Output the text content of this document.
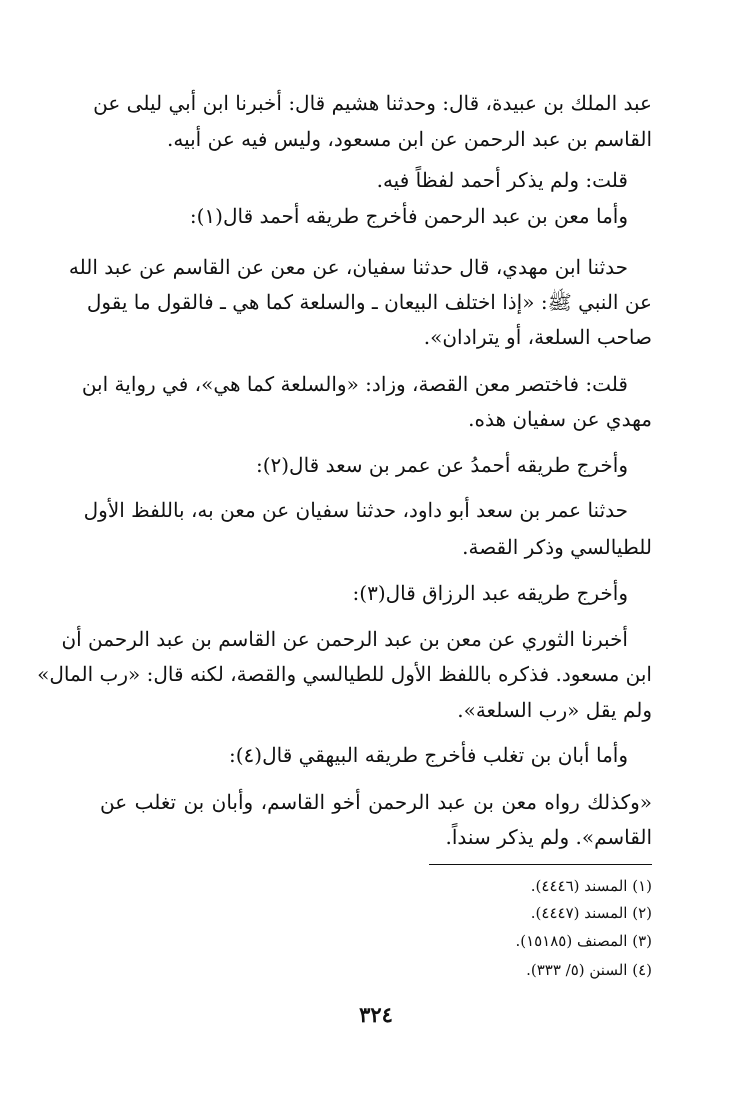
عبد الملك بن عبيدة، قال: وحدثنا هشيم قال: أخبرنا ابن أبي ليلى عن
القاسم بن عبد الرحمن عن ابن مسعود، وليس فيه عن أبيه.
قلت: ولم يذكر أحمد لفظاً فيه.
وأما معن بن عبد الرحمن فأخرج طريقه أحمد قال(١):
حدثنا ابن مهدي، قال حدثنا سفيان، عن معن عن القاسم عن عبد الله
عن النبي ﷺ: «إذا اختلف البيعان ـ والسلعة كما هي ـ فالقول ما يقول
صاحب السلعة، أو يترادان».
قلت: فاختصر معن القصة، وزاد: «والسلعة كما هي»، في رواية ابن
مهدي عن سفيان هذه.
وأخرج طريقه أحمدُ عن عمر بن سعد قال(٢):
حدثنا عمر بن سعد أبو داود، حدثنا سفيان عن معن به، باللفظ الأول
للطيالسي وذكر القصة.
وأخرج طريقه عبد الرزاق قال(٣):
أخبرنا الثوري عن معن بن عبد الرحمن عن القاسم بن عبد الرحمن أن
ابن مسعود. فذكره باللفظ الأول للطيالسي والقصة، لكنه قال: «رب المال»
ولم يقل «رب السلعة».
وأما أبان بن تغلب فأخرج طريقه البيهقي قال(٤):
«وكذلك رواه معن بن عبد الرحمن أخو القاسم، وأبان بن تغلب عن
القاسم». ولم يذكر سنداً.
(١) المسند (٤٤٤٦).
(٢) المسند (٤٤٤٧).
(٣) المصنف (١٥١٨٥).
(٤) السنن (٥/ ٣٣٣).
٣٢٤
